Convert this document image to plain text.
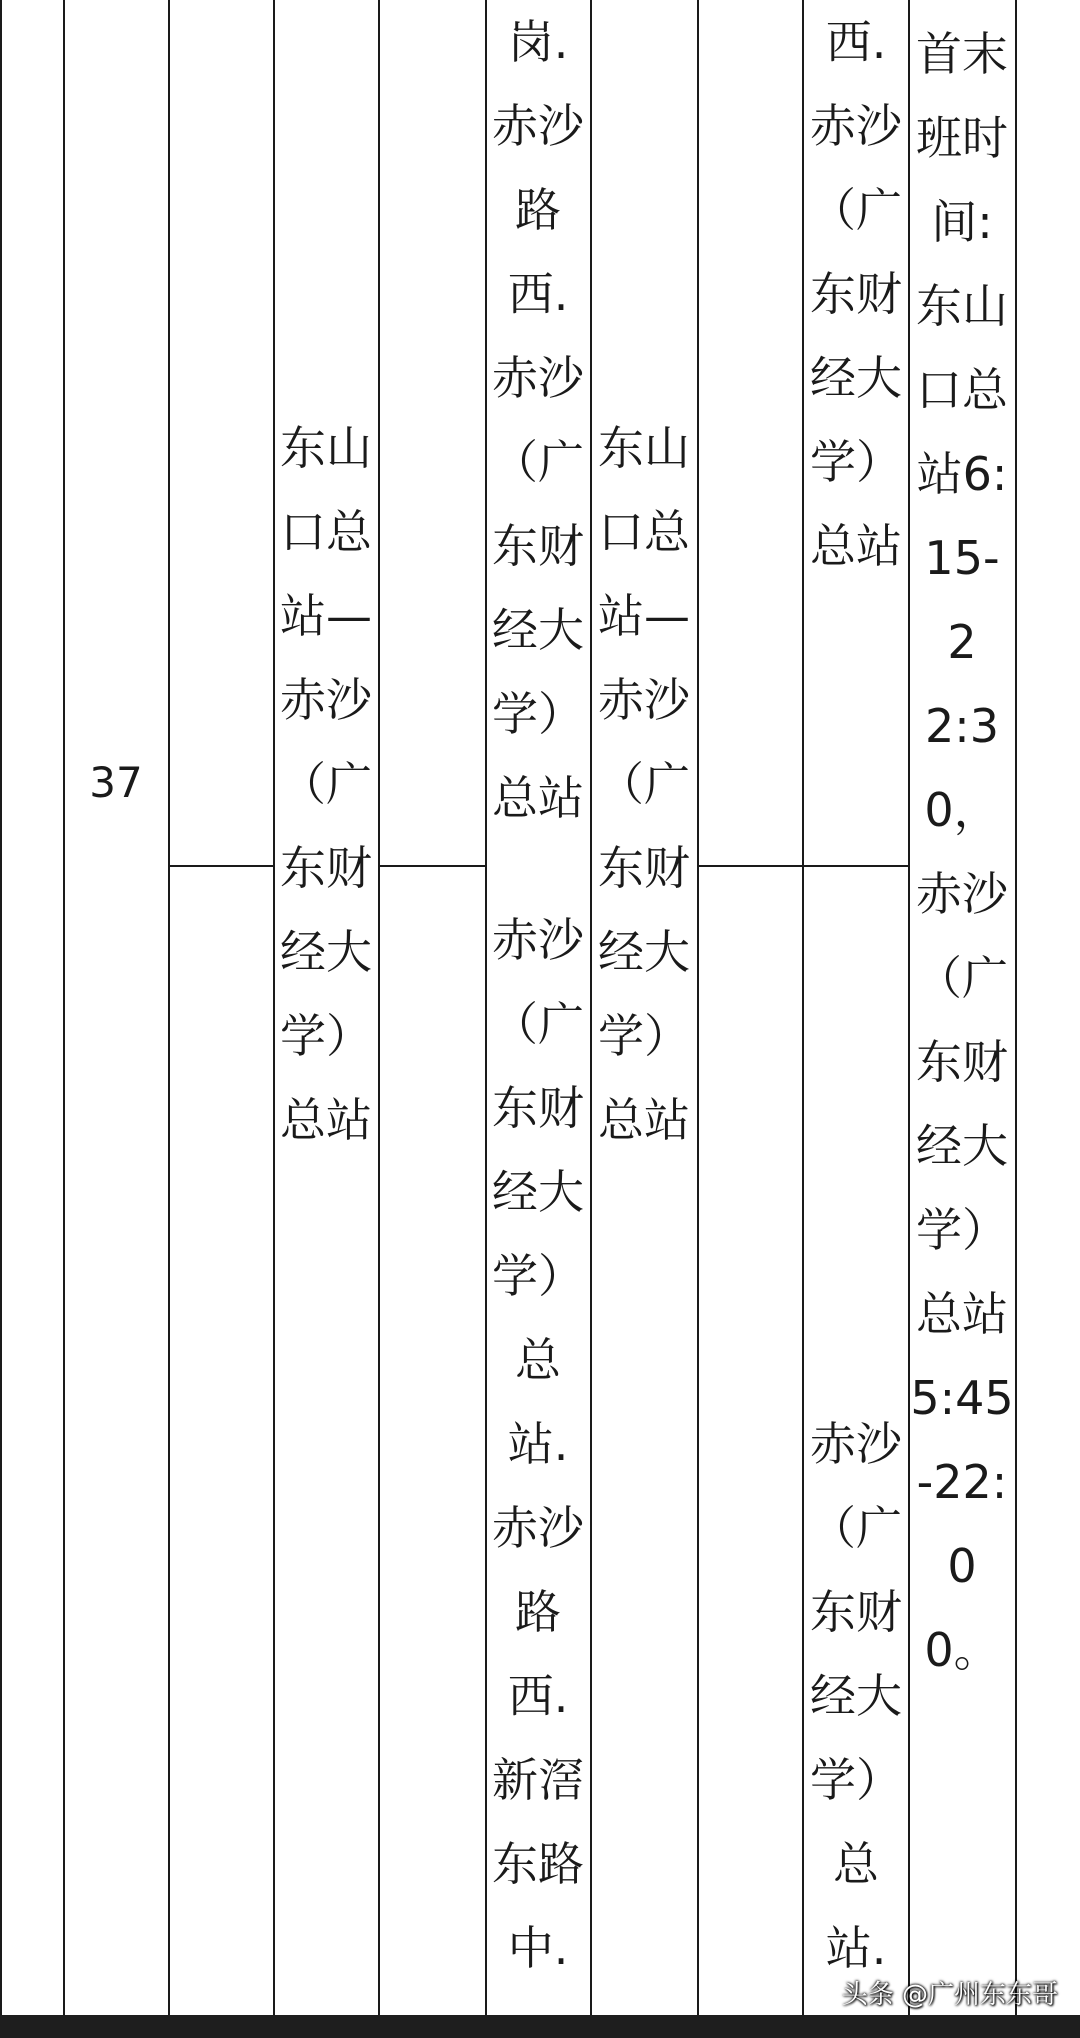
37
东山
口总
站—
赤沙
（广
东财
经大
学）
总站
岗.
赤沙
路
西.
赤沙
（广
东财
经大
学）
总站
赤沙
（广
东财
经大
学）
总
站.
赤沙
路
西.
新滘
东路
中.
东山
口总
站—
赤沙
（广
东财
经大
学）
总站
西.
赤沙
（广
东财
经大
学）
总站
赤沙
（广
东财
经大
学）
总
站.
首末
班时
间:
东山
口总
站6:
15-2
2:3
0，
赤沙
（广
东财
经大
学）
总站
5:45
-22:
00。
头条 @广州东东哥
